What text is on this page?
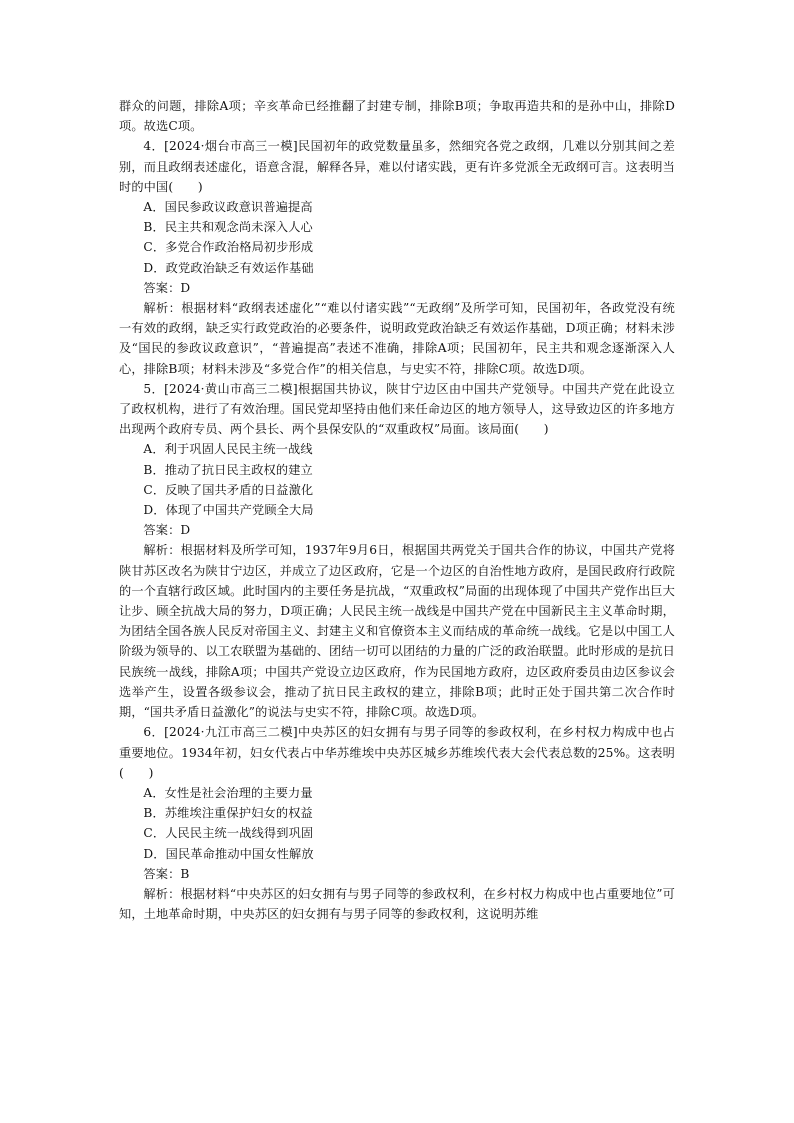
群众的问题，排除A项；辛亥革命已经推翻了封建专制，排除B项；争取再造共和的是孙中山，排除D项。故选C项。

4．[2024·烟台市高三一模]民国初年的政党数量虽多，然细究各党之政纲，几难以分别其间之差别，而且政纲表述虚化，语意含混，解释各异，难以付诸实践，更有许多党派全无政纲可言。这表明当时的中国(　　)

A．国民参政议政意识普遍提高

B．民主共和观念尚未深入人心

C．多党合作政治格局初步形成

D．政党政治缺乏有效运作基础

答案：D

解析：根据材料“政纲表述虚化”“难以付诸实践”“无政纲”及所学可知，民国初年，各政党没有统一有效的政纲，缺乏实行政党政治的必要条件，说明政党政治缺乏有效运作基础，D项正确；材料未涉及“国民的参政议政意识”，“普遍提高”表述不准确，排除A项；民国初年，民主共和观念逐渐深入人心，排除B项；材料未涉及“多党合作”的相关信息，与史实不符，排除C项。故选D项。

5．[2024·黄山市高三二模]根据国共协议，陕甘宁边区由中国共产党领导。中国共产党在此设立了政权机构，进行了有效治理。国民党却坚持由他们来任命边区的地方领导人，这导致边区的许多地方出现两个政府专员、两个县长、两个县保安队的“双重政权”局面。该局面(　　)

A．利于巩固人民民主统一战线

B．推动了抗日民主政权的建立

C．反映了国共矛盾的日益激化

D．体现了中国共产党顾全大局

答案：D

解析：根据材料及所学可知，1937年9月6日，根据国共两党关于国共合作的协议，中国共产党将陕甘苏区改名为陕甘宁边区，并成立了边区政府，它是一个边区的自治性地方政府，是国民政府行政院的一个直辖行政区域。此时国内的主要任务是抗战，“双重政权”局面的出现体现了中国共产党作出巨大让步、顾全抗战大局的努力，D项正确；人民民主统一战线是中国共产党在中国新民主主义革命时期，为团结全国各族人民反对帝国主义、封建主义和官僚资本主义而结成的革命统一战线。它是以中国工人阶级为领导的、以工农联盟为基础的、团结一切可以团结的力量的广泛的政治联盟。此时形成的是抗日民族统一战线，排除A项；中国共产党设立边区政府，作为民国地方政府，边区政府委员由边区参议会选举产生，设置各级参议会，推动了抗日民主政权的建立，排除B项；此时正处于国共第二次合作时期，“国共矛盾日益激化”的说法与史实不符，排除C项。故选D项。

6．[2024·九江市高三二模]中央苏区的妇女拥有与男子同等的参政权利，在乡村权力构成中也占重要地位。1934年初，妇女代表占中华苏维埃中央苏区城乡苏维埃代表大会代表总数的25%。这表明(　　)

A．女性是社会治理的主要力量

B．苏维埃注重保护妇女的权益

C．人民民主统一战线得到巩固

D．国民革命推动中国女性解放

答案：B

解析：根据材料“中央苏区的妇女拥有与男子同等的参政权利，在乡村权力构成中也占重要地位”可知，土地革命时期，中央苏区的妇女拥有与男子同等的参政权利，这说明苏维
